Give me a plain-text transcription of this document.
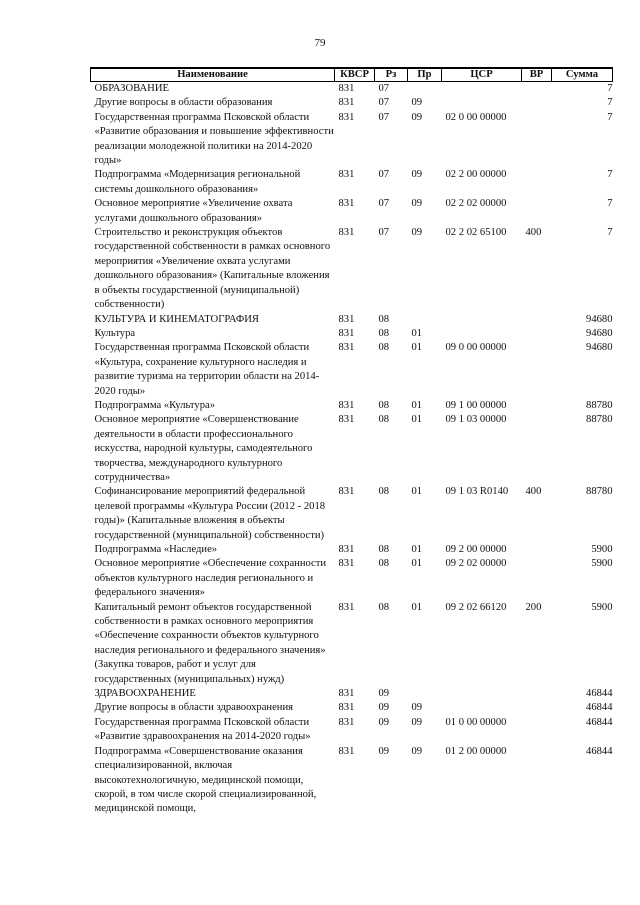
79
Наименование	КВСР	Рз	Пр	ЦСР	ВР	Сумма
ОБРАЗОВАНИЕ	831	07				7
Другие вопросы в области образования	831	07	09			7
Государственная программа Псковской области «Развитие образования и повышение эффективности реализации молодежной политики на 2014-2020 годы»	831	07	09	02 0 00 00000		7
Подпрограмма «Модернизация региональной системы дошкольного образования»	831	07	09	02 2 00 00000		7
Основное мероприятие «Увеличение охвата услугами дошкольного образования»	831	07	09	02 2 02 00000		7
Строительство и реконструкция объектов государственной собственности в рамках основного мероприятия «Увеличение охвата услугами дошкольного образования» (Капитальные вложения в объекты государственной (муниципальной) собственности)	831	07	09	02 2 02 65100	400	7
КУЛЬТУРА И КИНЕМАТОГРАФИЯ	831	08				94680
Культура	831	08	01			94680
Государственная программа Псковской области «Культура, сохранение культурного наследия и развитие туризма на территории области на 2014-2020 годы»	831	08	01	09 0 00 00000		94680
Подпрограмма «Культура»	831	08	01	09 1 00 00000		88780
Основное мероприятие «Совершенствование деятельности в области профессионального искусства, народной культуры, самодеятельного творчества, международного культурного сотрудничества»	831	08	01	09 1 03 00000		88780
Софинансирование мероприятий федеральной целевой программы «Культура России (2012 - 2018 годы)» (Капитальные вложения в объекты государственной (муниципальной) собственности)	831	08	01	09 1 03 R0140	400	88780
Подпрограмма «Наследие»	831	08	01	09 2 00 00000		5900
Основное мероприятие «Обеспечение сохранности объектов культурного наследия регионального и федерального значения»	831	08	01	09 2 02 00000		5900
Капитальный ремонт объектов государственной собственности в рамках основного мероприятия «Обеспечение сохранности объектов культурного наследия регионального и федерального значения» (Закупка товаров, работ и услуг для государственных (муниципальных) нужд)	831	08	01	09 2 02 66120	200	5900
ЗДРАВООХРАНЕНИЕ	831	09				46844
Другие вопросы в области здравоохранения	831	09	09			46844
Государственная программа Псковской области «Развитие здравоохранения на 2014-2020 годы»	831	09	09	01 0 00 00000		46844
Подпрограмма «Совершенствование оказания специализированной, включая высокотехнологичную, медицинской помощи, скорой, в том числе скорой специализированной, медицинской помощи,	831	09	09	01 2 00 00000		46844
